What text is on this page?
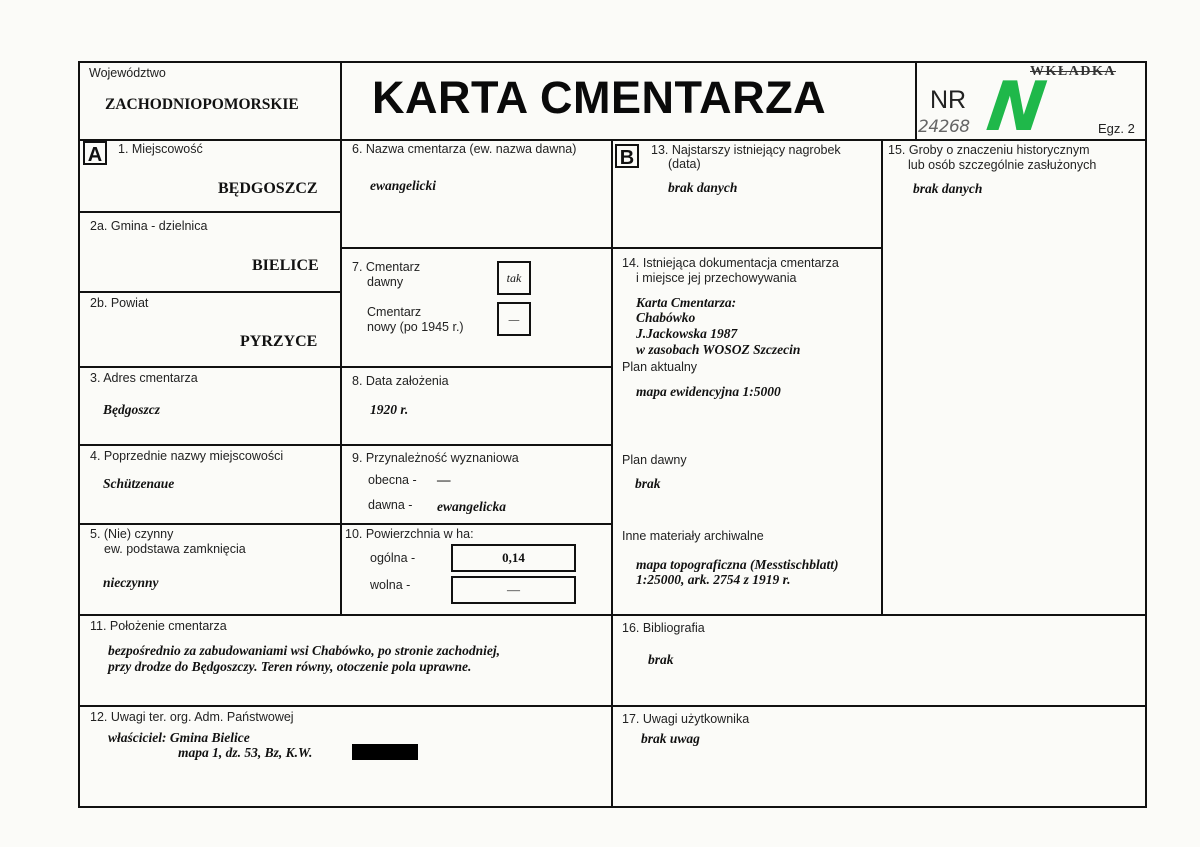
Województwo
ZACHODNIOPOMORSKIE KARTA CMENTARZA	NR
24268 N
WKŁADKA
Egz. 2
A	1. Miejscowość
BĘDGOSZCZ
2a. Gmina - dzielnica
BIELICE
2b. Powiat
PYRZYCE
3. Adres cmentarza
Będgoszcz
4. Poprzednie nazwy miejscowości
Schützenaue
5. (Nie) czynny
ew. podstawa zamknięcia
nieczynny
6. Nazwa cmentarza (ew. nazwa dawna)
ewangelicki
7. Cmentarz
dawny	tak
Cmentarz
nowy (po 1945 r.)
—
8. Data założenia
1920 r.
9. Przynależność wyznaniowa
obecna - —
dawna - ewangelicka
10. Powierzchnia w ha:
ogólna -	0,14
wolna -	—
B	13. Najstarszy istniejący nagrobek
(data)
brak danych
14. Istniejąca dokumentacja cmentarza
i miejsce jej przechowywania
Karta Cmentarza:
Chabówko
J.Jackowska 1987
w zasobach WOSOZ Szczecin
Plan aktualny
mapa ewidencyjna 1:5000
Plan dawny
brak
Inne materiały archiwalne
mapa topograficzna (Messtischblatt)
1:25000, ark. 2754 z 1919 r.
15. Groby o znaczeniu historycznym
lub osób szczególnie zasłużonych
brak danych
11. Położenie cmentarza
bezpośrednio za zabudowaniami wsi Chabówko, po stronie zachodniej,
przy drodze do Będgoszczy. Teren równy, otoczenie pola uprawne.
16. Bibliografia
brak
12. Uwagi ter. org. Adm. Państwowej
właściciel: Gmina Bielice
mapa 1, dz. 53, Bz, K.W.
17. Uwagi użytkownika
brak uwag
